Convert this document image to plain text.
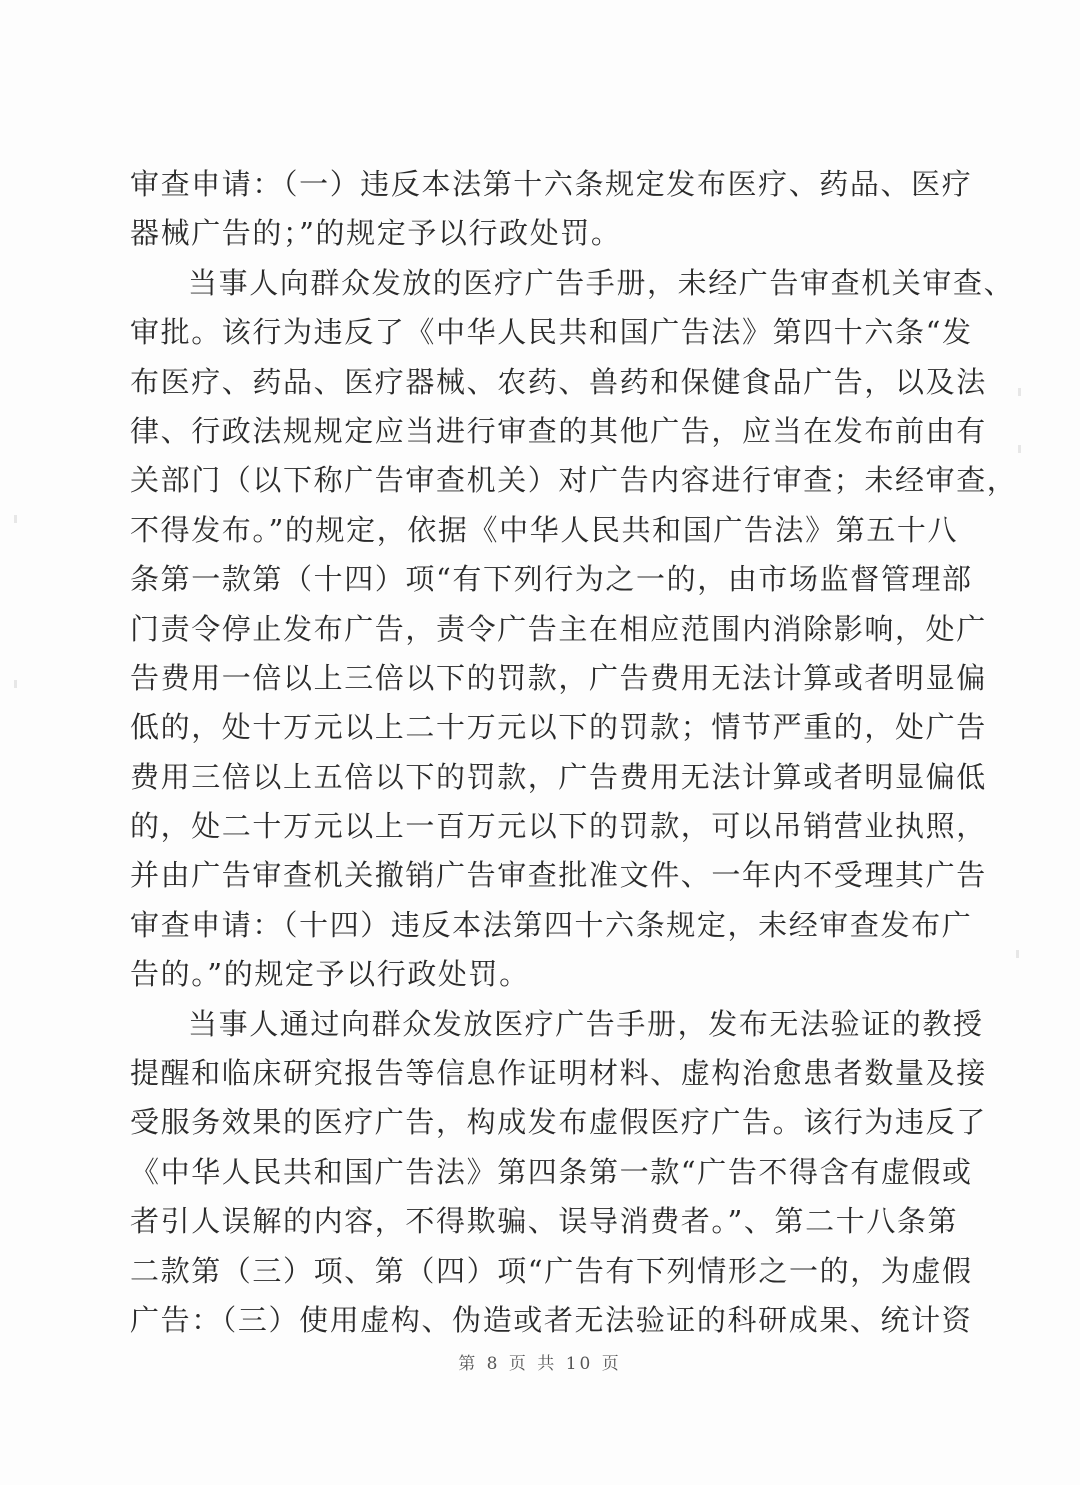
审查申请：（一）违反本法第十六条规定发布医疗、药品、医疗
器械广告的；”的规定予以行政处罚。
当事人向群众发放的医疗广告手册，未经广告审查机关审查、
审批。该行为违反了《中华人民共和国广告法》第四十六条“发
布医疗、药品、医疗器械、农药、兽药和保健食品广告，以及法
律、行政法规规定应当进行审查的其他广告，应当在发布前由有
关部门（以下称广告审查机关）对广告内容进行审查；未经审查，
不得发布。”的规定，依据《中华人民共和国广告法》第五十八
条第一款第（十四）项“有下列行为之一的，由市场监督管理部
门责令停止发布广告，责令广告主在相应范围内消除影响，处广
告费用一倍以上三倍以下的罚款，广告费用无法计算或者明显偏
低的，处十万元以上二十万元以下的罚款；情节严重的，处广告
费用三倍以上五倍以下的罚款，广告费用无法计算或者明显偏低
的，处二十万元以上一百万元以下的罚款，可以吊销营业执照，
并由广告审查机关撤销广告审查批准文件、一年内不受理其广告
审查申请：（十四）违反本法第四十六条规定，未经审查发布广
告的。”的规定予以行政处罚。
当事人通过向群众发放医疗广告手册，发布无法验证的教授
提醒和临床研究报告等信息作证明材料、虚构治愈患者数量及接
受服务效果的医疗广告，构成发布虚假医疗广告。该行为违反了
《中华人民共和国广告法》第四条第一款“广告不得含有虚假或
者引人误解的内容，不得欺骗、误导消费者。”、第二十八条第
二款第（三）项、第（四）项“广告有下列情形之一的，为虚假
广告：（三）使用虚构、伪造或者无法验证的科研成果、统计资
第 8 页 共 10 页
